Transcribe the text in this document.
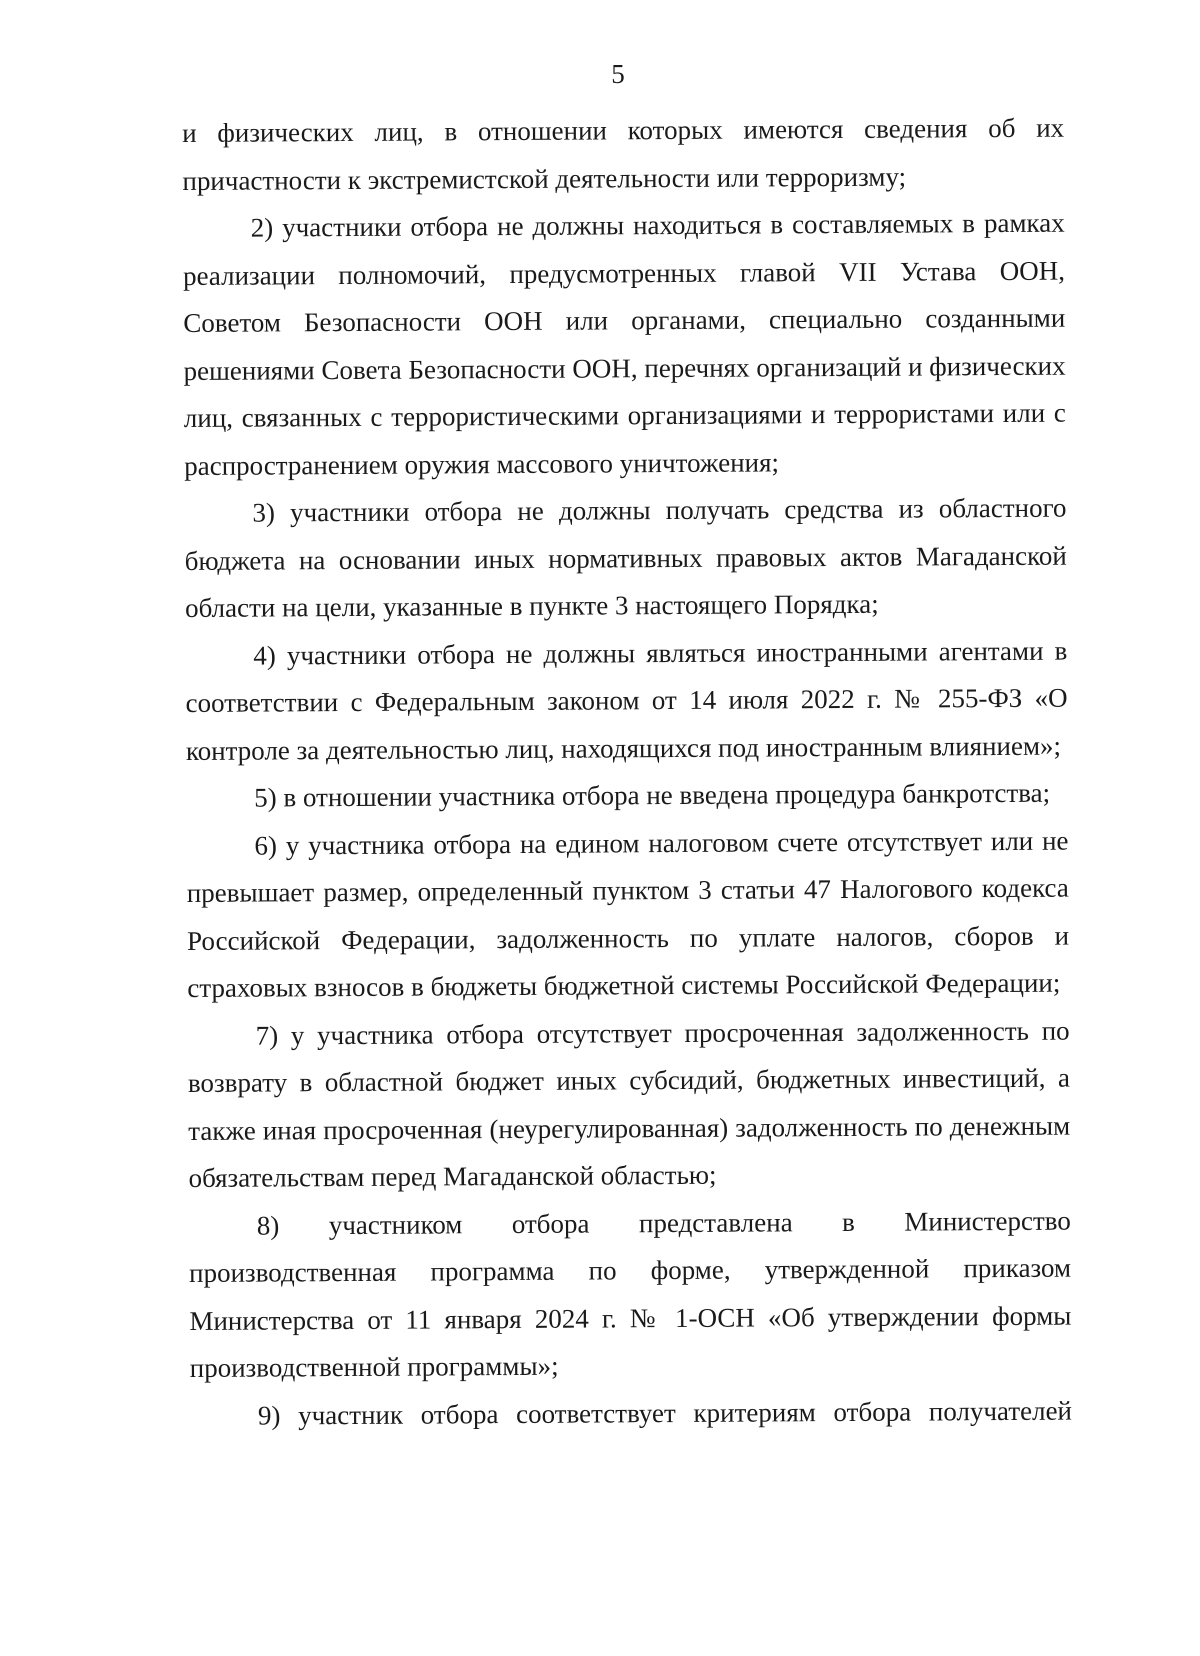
5

и физических лиц, в отношении которых имеются сведения об их причастности к экстремистской деятельности или терроризму;

2) участники отбора не должны находиться в составляемых в рамках реализации полномочий, предусмотренных главой VII Устава ООН, Советом Безопасности ООН или органами, специально созданными решениями Совета Безопасности ООН, перечнях организаций и физических лиц, связанных с террористическими организациями и террористами или с распространением оружия массового уничтожения;

3) участники отбора не должны получать средства из областного бюджета на основании иных нормативных правовых актов Магаданской области на цели, указанные в пункте 3 настоящего Порядка;

4) участники отбора не должны являться иностранными агентами в соответствии с Федеральным законом от 14 июля 2022 г. № 255-ФЗ «О контроле за деятельностью лиц, находящихся под иностранным влиянием»;

5) в отношении участника отбора не введена процедура банкротства;

6) у участника отбора на едином налоговом счете отсутствует или не превышает размер, определенный пунктом 3 статьи 47 Налогового кодекса Российской Федерации, задолженность по уплате налогов, сборов и страховых взносов в бюджеты бюджетной системы Российской Федерации;

7) у участника отбора отсутствует просроченная задолженность по возврату в областной бюджет иных субсидий, бюджетных инвестиций, а также иная просроченная (неурегулированная) задолженность по денежным обязательствам перед Магаданской областью;

8) участником отбора представлена в Министерство производственная программа по форме, утвержденной приказом Министерства от 11 января 2024 г. № 1-ОСН «Об утверждении формы производственной программы»;

9) участник отбора соответствует критериям отбора получателей
